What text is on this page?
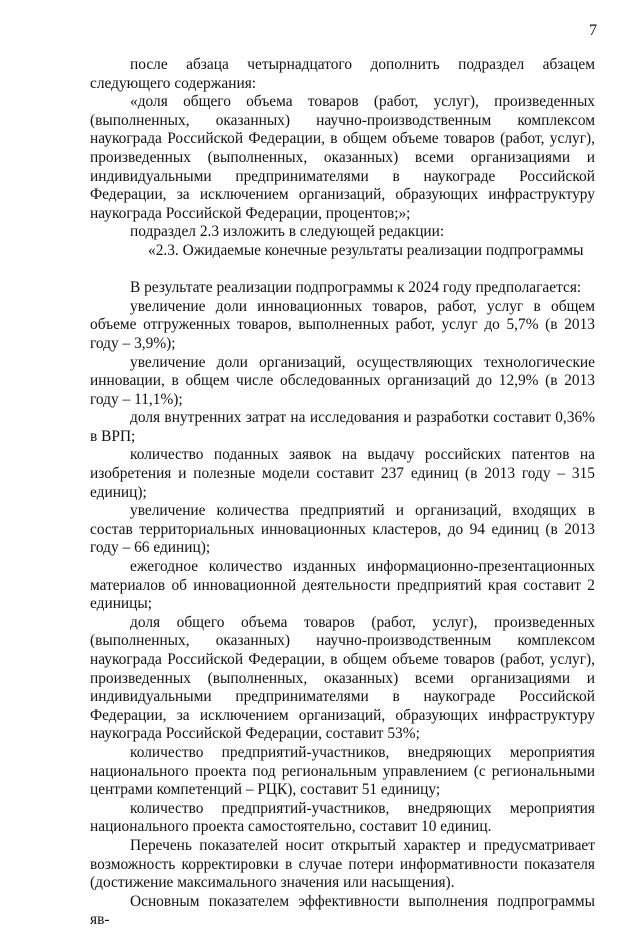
7

после абзаца четырнадцатого дополнить подраздел абзацем следующего содержания:

«доля общего объема товаров (работ, услуг), произведенных (выполненных, оказанных) научно-производственным комплексом наукограда Российской Федерации, в общем объеме товаров (работ, услуг), произведенных (выполненных, оказанных) всеми организациями и индивидуальными предпринимателями в наукограде Российской Федерации, за исключением организаций, образующих инфраструктуру наукограда Российской Федерации, процентов;»;

подраздел 2.3 изложить в следующей редакции:

«2.3. Ожидаемые конечные результаты реализации подпрограммы

В результате реализации подпрограммы к 2024 году предполагается:

увеличение доли инновационных товаров, работ, услуг в общем объеме отгруженных товаров, выполненных работ, услуг до 5,7% (в 2013 году – 3,9%);

увеличение доли организаций, осуществляющих технологические инновации, в общем числе обследованных организаций до 12,9% (в 2013 году – 11,1%);

доля внутренних затрат на исследования и разработки составит 0,36% в ВРП;

количество поданных заявок на выдачу российских патентов на изобретения и полезные модели составит 237 единиц (в 2013 году – 315 единиц);

увеличение количества предприятий и организаций, входящих в состав территориальных инновационных кластеров, до 94 единиц (в 2013 году – 66 единиц);

ежегодное количество изданных информационно-презентационных материалов об инновационной деятельности предприятий края составит 2 единицы;

доля общего объема товаров (работ, услуг), произведенных (выполненных, оказанных) научно-производственным комплексом наукограда Российской Федерации, в общем объеме товаров (работ, услуг), произведенных (выполненных, оказанных) всеми организациями и индивидуальными предпринимателями в наукограде Российской Федерации, за исключением организаций, образующих инфраструктуру наукограда Российской Федерации, составит 53%;

количество предприятий-участников, внедряющих мероприятия национального проекта под региональным управлением (с региональными центрами компетенций – РЦК), составит 51 единицу;

количество предприятий-участников, внедряющих мероприятия национального проекта самостоятельно, составит 10 единиц.

Перечень показателей носит открытый характер и предусматривает возможность корректировки в случае потери информативности показателя (достижение максимального значения или насыщения).

Основным показателем эффективности выполнения подпрограммы яв-
